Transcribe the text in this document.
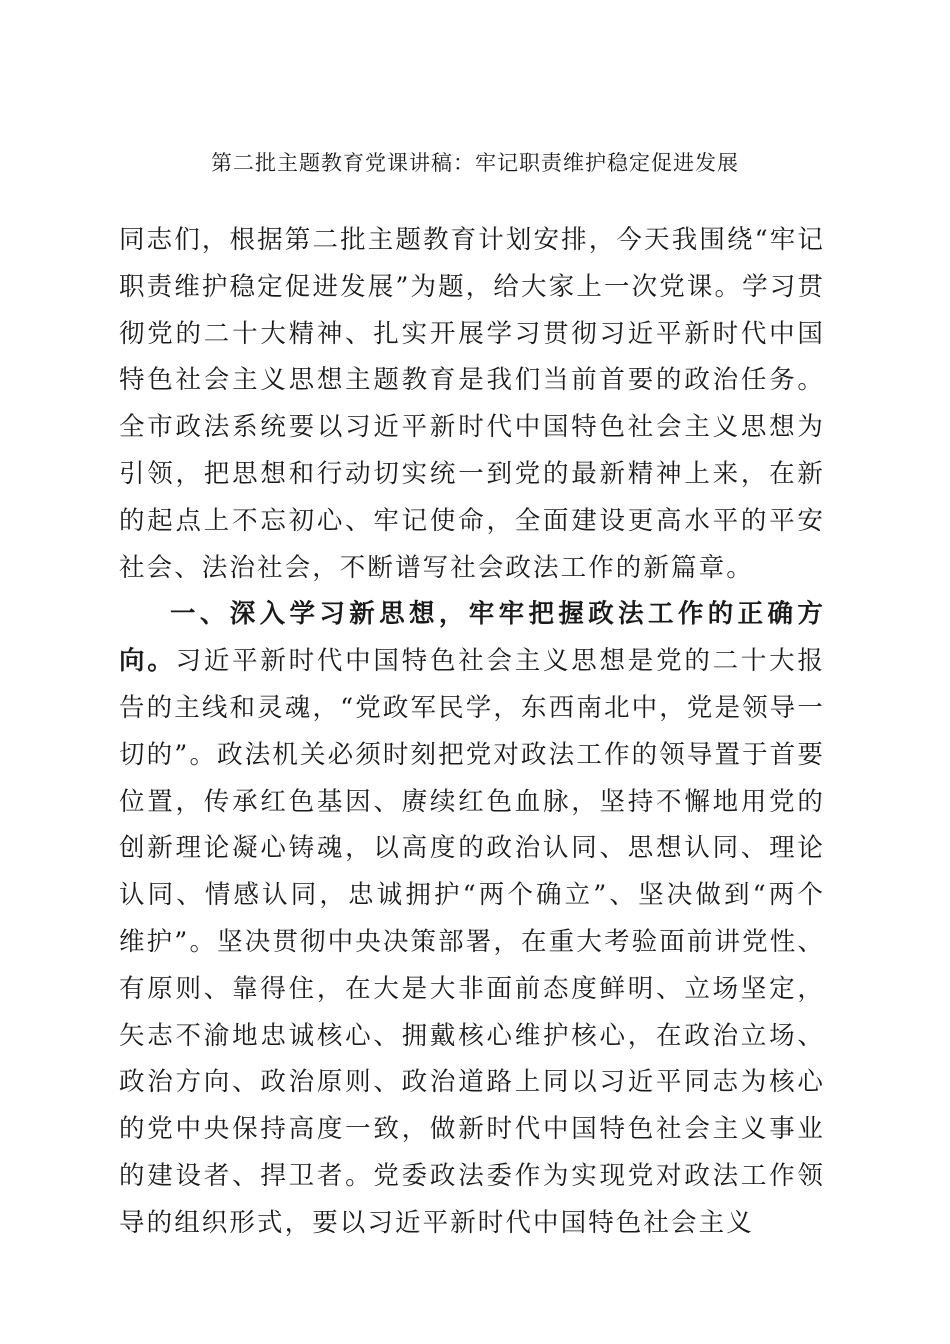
第二批主题教育党课讲稿：牢记职责维护稳定促进发展

同志们，根据第二批主题教育计划安排，今天我围绕“牢记职责维护稳定促进发展”为题，给大家上一次党课。学习贯彻党的二十大精神、扎实开展学习贯彻习近平新时代中国特色社会主义思想主题教育是我们当前首要的政治任务。全市政法系统要以习近平新时代中国特色社会主义思想为引领，把思想和行动切实统一到党的最新精神上来，在新的起点上不忘初心、牢记使命，全面建设更高水平的平安社会、法治社会，不断谱写社会政法工作的新篇章。

一、深入学习新思想，牢牢把握政法工作的正确方向。习近平新时代中国特色社会主义思想是党的二十大报告的主线和灵魂，“党政军民学，东西南北中，党是领导一切的”。政法机关必须时刻把党对政法工作的领导置于首要位置，传承红色基因、赓续红色血脉，坚持不懈地用党的创新理论凝心铸魂，以高度的政治认同、思想认同、理论认同、情感认同，忠诚拥护“两个确立”、坚决做到“两个维护”。坚决贯彻中央决策部署，在重大考验面前讲党性、有原则、靠得住，在大是大非面前态度鲜明、立场坚定，矢志不渝地忠诚核心、拥戴核心维护核心，在政治立场、政治方向、政治原则、政治道路上同以习近平同志为核心的党中央保持高度一致，做新时代中国特色社会主义事业的建设者、捍卫者。党委政法委作为实现党对政法工作领导的组织形式，要以习近平新时代中国特色社会主义
